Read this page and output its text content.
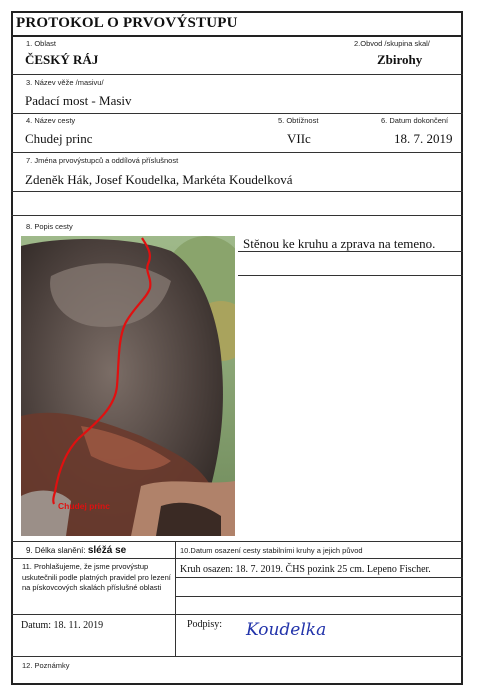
PROTOKOL O PRVOVÝSTUPU
1. Oblast	2.Obvod /skupina skal/
ČESKÝ RÁJ	Zbirohy
3. Název věže /masivu/
Padací most - Masiv
4. Název cesty	5. Obtížnost	6. Datum dokončení
Chudej princ	VIIc	18. 7. 2019
7. Jména prvovýstupců a oddílová příslušnost
Zdeněk Hák, Josef Koudelka, Markéta Koudelková
8. Popis cesty
Stěnou ke kruhu a zprava na temeno.
Chudej princ
9. Délka slanění: sléžá se	10.Datum osazení cesty stabilními kruhy a jejich původ
11. Prohlašujeme, že jsme prvovýstup uskutečnili podle platných pravidel pro lezení na pískovcových skalách příslušné oblasti
Kruh osazen: 18. 7. 2019. ČHS pozink 25 cm. Lepeno Fischer.
Datum: 18. 11. 2019	Podpisy: Koudelka
12. Poznámky
